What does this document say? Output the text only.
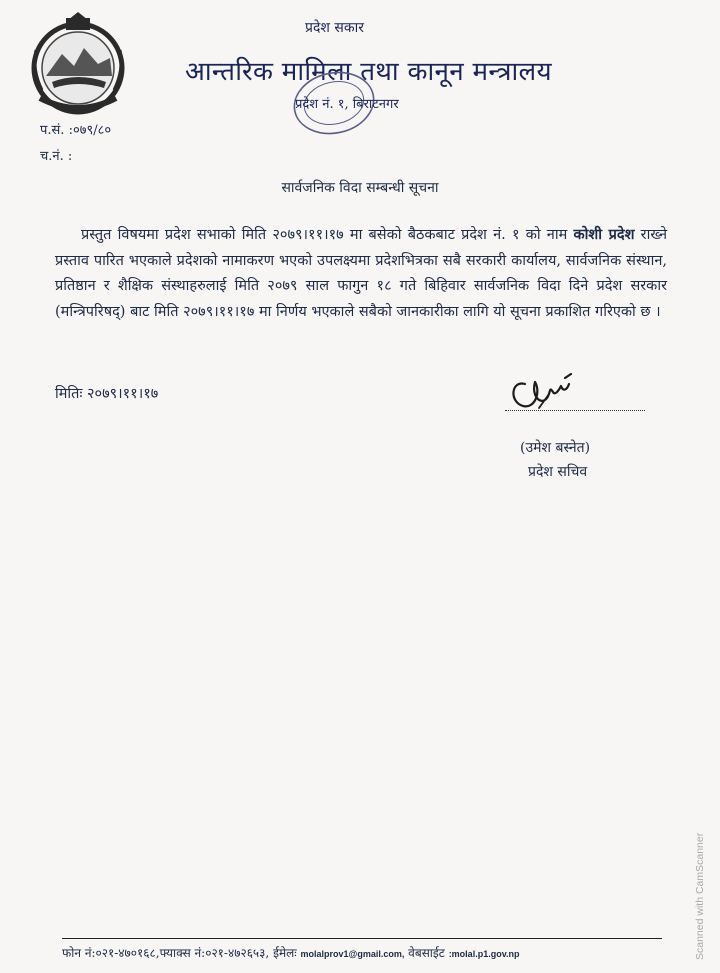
प्रदेश सकार
आन्तरिक मामिला तथा कानून मन्त्रालय
प्रदेश नं. १, बिराटनगर
प.सं. :०७९/८०
च.नं. :
सार्वजनिक विदा सम्बन्धी सूचना
प्रस्तुत विषयमा प्रदेश सभाको मिति २०७९।११।१७ मा बसेको बैठकबाट प्रदेश नं. १ को नाम कोशी प्रदेश राख्ने प्रस्ताव पारित भएकाले प्रदेशको नामाकरण भएको उपलक्ष्यमा प्रदेशभित्रका सबै सरकारी कार्यालय, सार्वजनिक संस्थान, प्रतिष्ठान र शैक्षिक संस्थाहरुलाई मिति २०७९ साल फागुन १८ गते बिहिवार सार्वजनिक विदा दिने प्रदेश सरकार (मन्त्रिपरिषद्) बाट मिति २०७९।११।१७ मा निर्णय भएकाले सबैको जानकारीका लागि यो सूचना प्रकाशित गरिएको छ ।
मितिः २०७९।११।१७
(उमेश बस्नेत)
प्रदेश सचिव
फोन नं:०२१-४७०१६८,फ्याक्स नं:०२१-४७२६५३, ईमेलः molalprov1@gmail.com, वेबसाईट :molal.p1.gov.np	Scanned with CamScanner
